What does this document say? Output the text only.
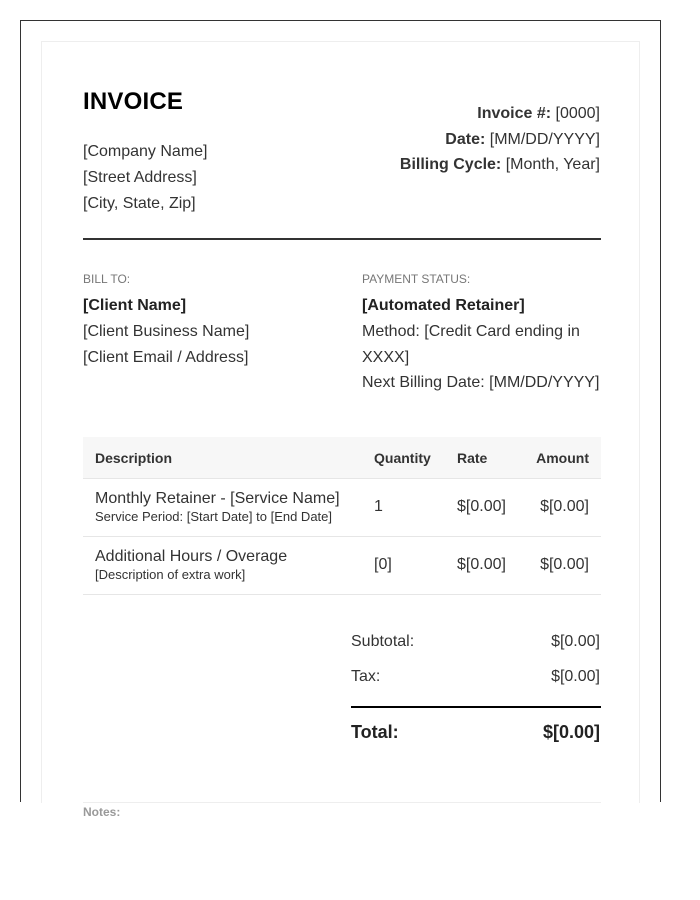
INVOICE
[Company Name]
[Street Address]
[City, State, Zip]
Invoice #: [0000]
Date: [MM/DD/YYYY]
Billing Cycle: [Month, Year]
BILL TO:
[Client Name]
[Client Business Name]
[Client Email / Address]
PAYMENT STATUS:
[Automated Retainer]
Method: [Credit Card ending in
XXXX]
Next Billing Date: [MM/DD/YYYY]
Description	Quantity Rate	Amount
Monthly Retainer - [Service Name]
Service Period: [Start Date] to [End Date]
1	$[0.00] $[0.00]
Additional Hours / Overage
[Description of extra work]
[0]	$[0.00] $[0.00]
Subtotal:	$[0.00]
Tax:	$[0.00]
Total:	$[0.00]
Notes:
